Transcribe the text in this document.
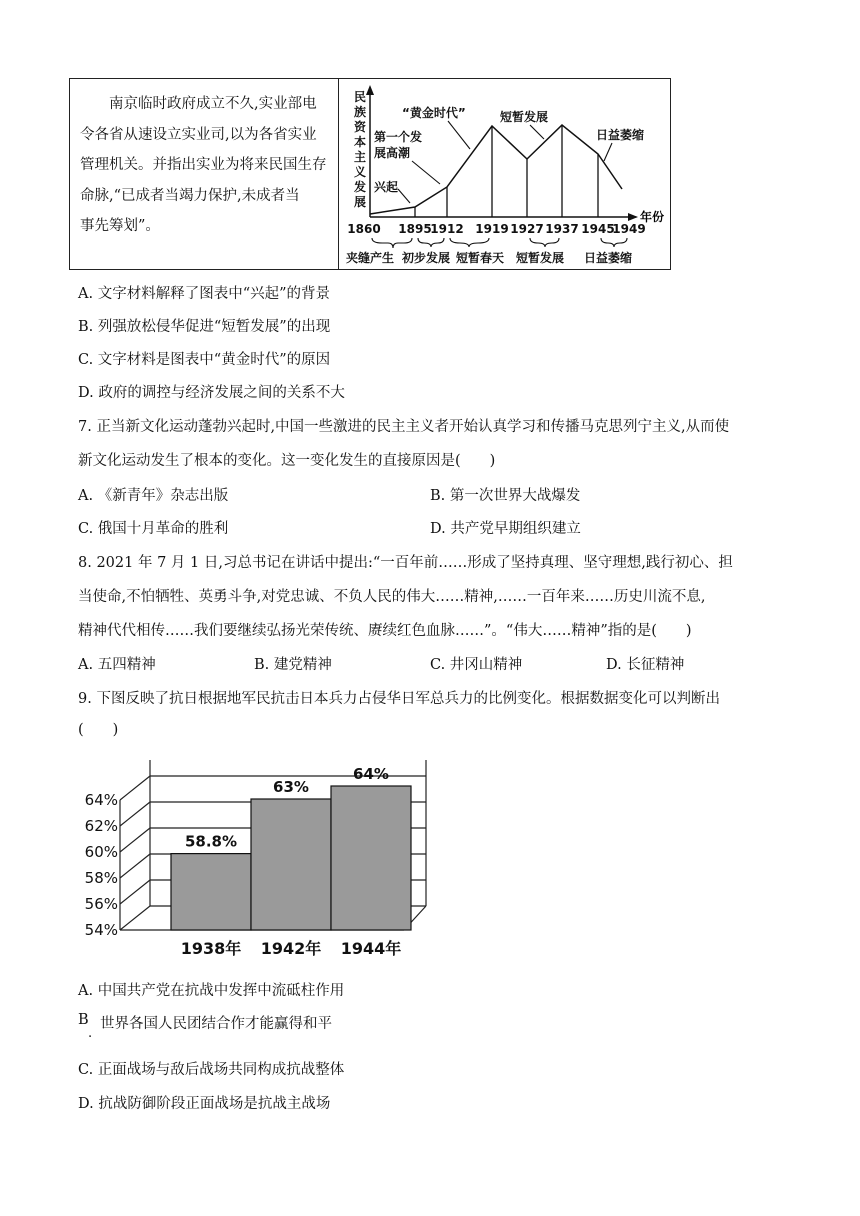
南京临时政府成立不久,实业部电

令各省从速设立实业司,以为各省实业

管理机关。并指出实业为将来民国生存

命脉,“已成者当竭力保护,未成者当

事先筹划”。

民
族
资
本
主
义
发
展
年份
兴起
第一个发
展高潮
“黄金时代”	短暂发展
日益萎缩
1860 1895
1912 1919 1927 1937 1945
1949
夹缝产生 初步发展 短暂春天 短暂发展 日益萎缩
A. 文字材料解释了图表中“兴起”的背景
B. 列强放松侵华促进“短暂发展”的出现
C. 文字材料是图表中“黄金时代”的原因
D. 政府的调控与经济发展之间的关系不大
7. 正当新文化运动蓬勃兴起时,中国一些激进的民主主义者开始认真学习和传播马克思列宁主义,从而使
新文化运动发生了根本的变化。这一变化发生的直接原因是(　　)
A. 《新青年》杂志出版	B. 第一次世界大战爆发
C. 俄国十月革命的胜利	D. 共产党早期组织建立
8. 2021 年 7 月 1 日,习总书记在讲话中提出:“一百年前……形成了坚持真理、坚守理想,践行初心、担
当使命,不怕牺牲、英勇斗争,对党忠诚、不负人民的伟大……精神,……一百年来……历史川流不息,
精神代代相传……我们要继续弘扬光荣传统、赓续红色血脉……”。“伟大……精神”指的是(　　)
A. 五四精神	B. 建党精神	C. 井冈山精神	D. 长征精神
9. 下图反映了抗日根据地军民抗击日本兵力占侵华日军总兵力的比例变化。根据数据变化可以判断出
(　　)
54%
56%
58%
60%
62%
64%
58.8%
1938年
63%
1942年
64%
1944年
A. 中国共产党在抗战中发挥中流砥柱作用
B
.
世界各国人民团结合作才能赢得和平
C. 正面战场与敌后战场共同构成抗战整体
D. 抗战防御阶段正面战场是抗战主战场
